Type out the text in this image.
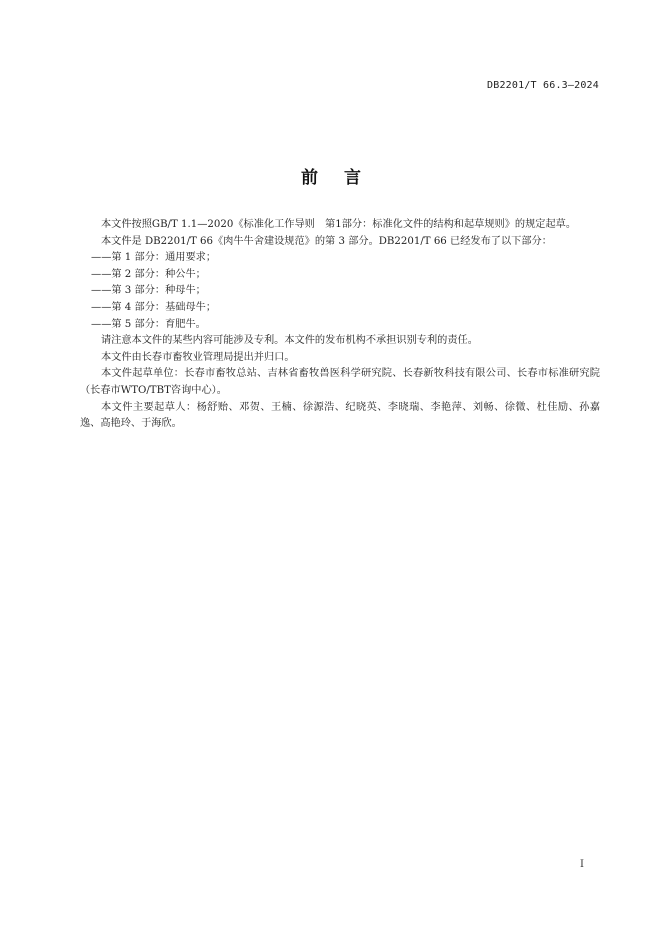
DB2201/T 66.3—2024
前 言

本文件按照GB/T 1.1—2020《标准化工作导则　第1部分：标准化文件的结构和起草规则》的规定起草。

本文件是 DB2201/T 66《肉牛牛舍建设规范》的第 3 部分。DB2201/T 66 已经发布了以下部分：

——第 1 部分：通用要求；

——第 2 部分：种公牛；

——第 3 部分：种母牛；

——第 4 部分：基础母牛；

——第 5 部分：育肥牛。

请注意本文件的某些内容可能涉及专利。本文件的发布机构不承担识别专利的责任。

本文件由长春市畜牧业管理局提出并归口。

本文件起草单位：长春市畜牧总站、吉林省畜牧兽医科学研究院、长春新牧科技有限公司、长春市标准研究院（长春市WTO/TBT咨询中心）。

本文件主要起草人：杨舒贻、邓贺、王楠、徐源浩、纪晓英、李晓瑞、李艳萍、刘畅、徐微、杜佳励、孙嘉逸、高艳玲、于海欣。

I
